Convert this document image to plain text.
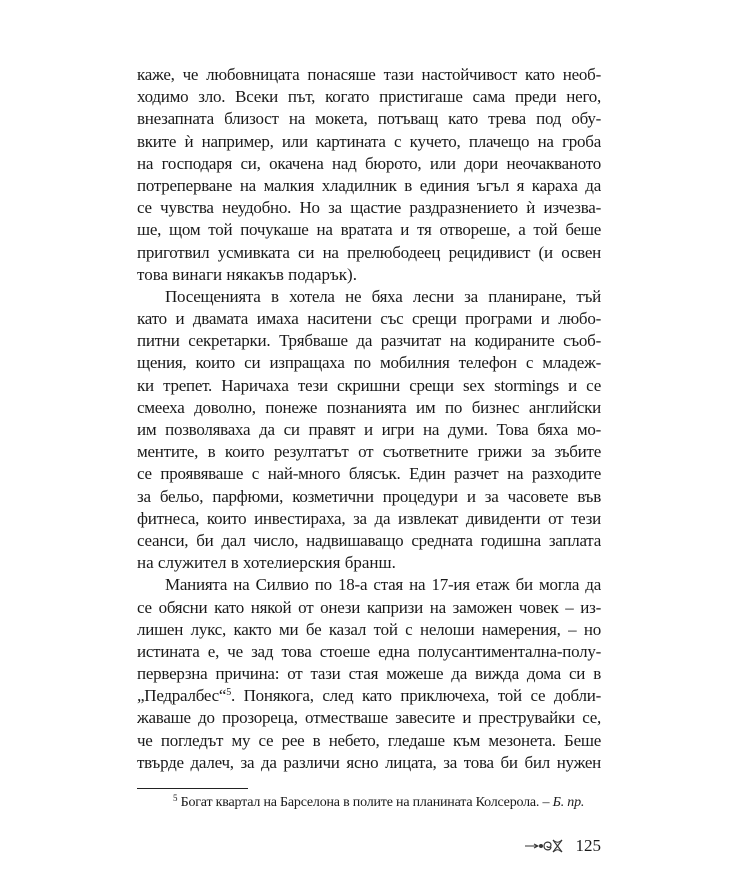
каже, че любовницата понасяше тази настойчивост като необ-
ходимо зло. Всеки път, когато пристигаше сама преди него,
внезапната близост на мокета, потъващ като трева под обу-
вките ѝ например, или картината с кучето, плачещо на гроба
на господаря си, окачена над бюрото, или дори неочакваното
потреперване на малкия хладилник в единия ъгъл я караха да
се чувства неудобно. Но за щастие раздразнението ѝ изчезва-
ше, щом той почукаше на вратата и тя отвореше, а той беше
приготвил усмивката си на прелюбодеец рецидивист (и освен
това винаги някакъв подарък).
Посещенията в хотела не бяха лесни за планиране, тъй
като и двамата имаха наситени със срещи програми и любо-
питни секретарки. Трябваше да разчитат на кодираните съоб-
щения, които си изпращаха по мобилния телефон с младеж-
ки трепет. Наричаха тези скришни срещи sex stormings и се
смееха доволно, понеже познанията им по бизнес английски
им позволяваха да си правят и игри на думи. Това бяха мо-
ментите, в които резултатът от съответните грижи за зъбите
се проявяваше с най-много блясък. Един разчет на разходите
за бельо, парфюми, козметични процедури и за часовете във
фитнеса, които инвестираха, за да извлекат дивиденти от тези
сеанси, би дал число, надвишаващо средната годишна заплата
на служител в хотелиерския бранш.
Манията на Силвио по 18-а стая на 17-ия етаж би могла да
се обясни като някой от онези капризи на заможен човек – из-
лишен лукс, както ми бе казал той с нелоши намерения, – но
истината е, че зад това стоеше една полусантиментална-полу-
перверзна причина: от тази стая можеше да вижда дома си в
„Педралбес“$^5$. Понякога, след като приключеха, той се добли-
жаваше до прозореца, отместваше завесите и преструвайки се,
че погледът му се рее в небето, гледаше към мезонета. Беше
твърде далеч, за да различи ясно лицата, за това би бил нужен
$^5$ Богат квартал на Барселона в полите на планината Колсерола. – Б. пр.
125
